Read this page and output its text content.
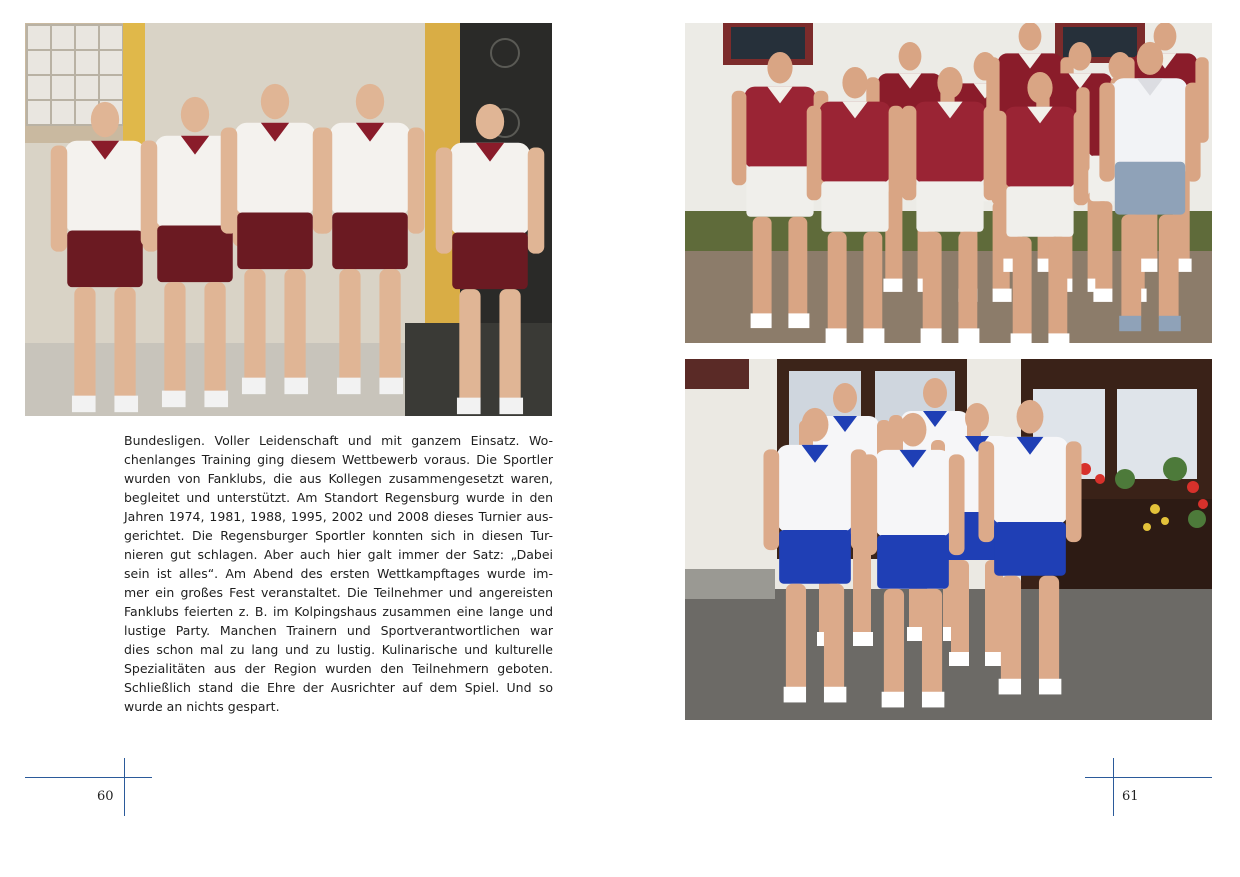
Bundesligen. Voller Leidenschaft und mit ganzem Einsatz. Wo-
chenlanges Training ging diesem Wettbewerb voraus. Die Sportler
wurden von Fanklubs, die aus Kollegen zusammengesetzt waren,
begleitet und unterstützt. Am Standort Regensburg wurde in den
Jahren 1974, 1981, 1988, 1995, 2002 und 2008 dieses Turnier aus-
gerichtet. Die Regensburger Sportler konnten sich in diesen Tur-
nieren gut schlagen. Aber auch hier galt immer der Satz: „Dabei
sein ist alles“. Am Abend des ersten Wettkampftages wurde im-
mer ein großes Fest veranstaltet. Die Teilnehmer und angereisten
Fanklubs feierten z. B. im Kolpingshaus zusammen eine lange und
lustige Party. Manchen Trainern und Sportverantwortlichen war
dies schon mal zu lang und zu lustig. Kulinarische und kulturelle
Spezialitäten aus der Region wurden den Teilnehmern geboten.
Schließlich stand die Ehre der Ausrichter auf dem Spiel. Und so
wurde an nichts gespart.
60	61
